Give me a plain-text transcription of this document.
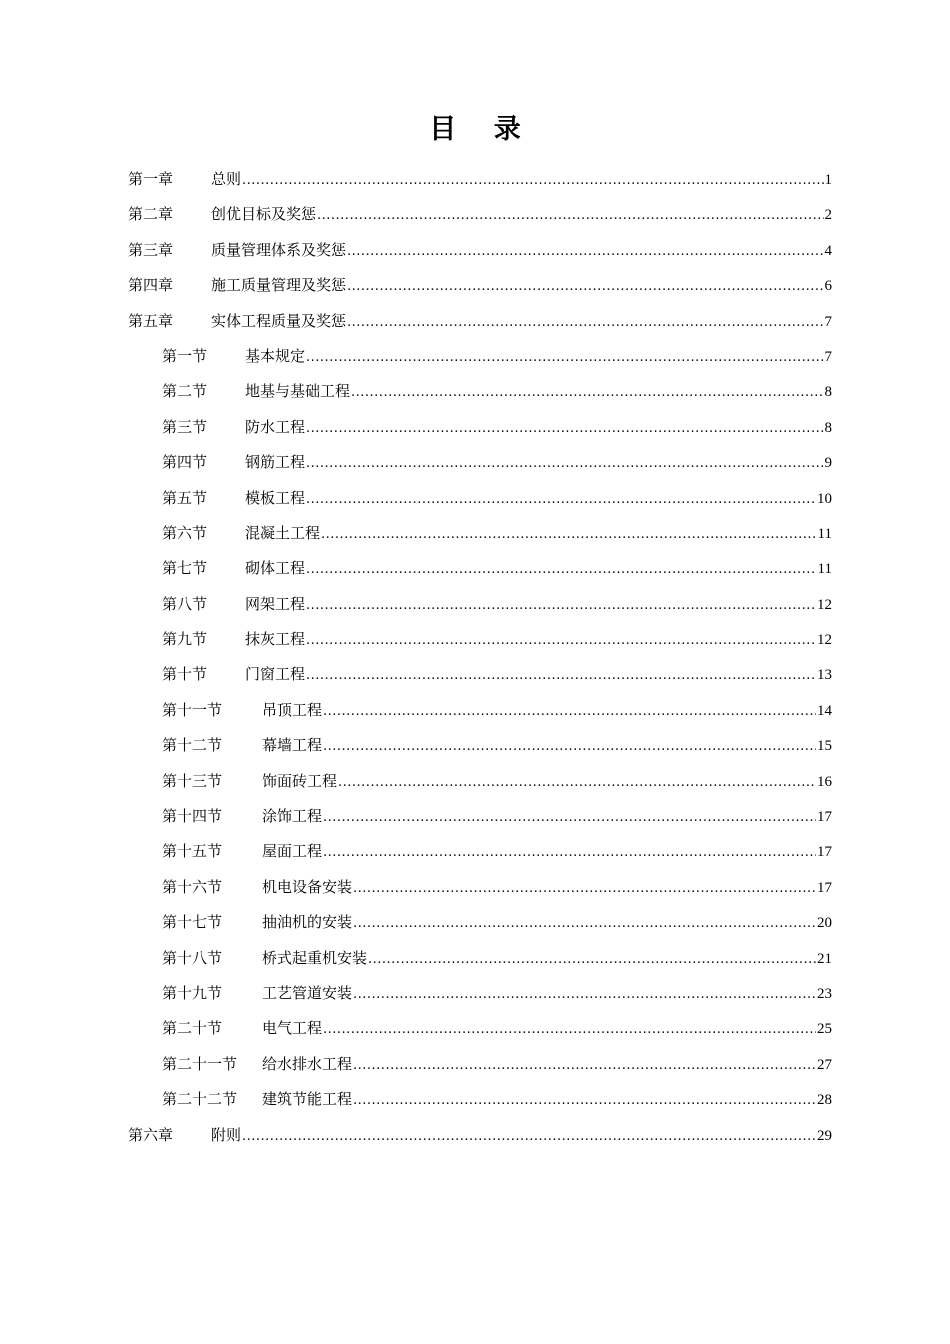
目 录
第一章	总则 .....	1
第二章	创优目标及奖惩 .....	2
第三章	质量管理体系及奖惩 .....	4
第四章	施工质量管理及奖惩 .....	6
第五章	实体工程质量及奖惩 .....	7
第一节	基本规定 .....	7
第二节	地基与基础工程 .....	8
第三节	防水工程 .....	8
第四节	钢筋工程 .....	9
第五节	模板工程 .....	10
第六节	混凝土工程 .....	11
第七节	砌体工程 .....	11
第八节	网架工程 .....	12
第九节	抹灰工程 .....	12
第十节	门窗工程 .....	13
第十一节	吊顶工程 .....	14
第十二节	幕墙工程 .....	15
第十三节	饰面砖工程 .....	16
第十四节	涂饰工程 .....	17
第十五节	屋面工程 .....	17
第十六节	机电设备安装 .....	17
第十七节	抽油机的安装 .....	20
第十八节	桥式起重机安装 .....	21
第十九节	工艺管道安装 .....	23
第二十节	电气工程 .....	25
第二十一节	给水排水工程 .....	27
第二十二节	建筑节能工程 .....	28
第六章	附则 .....	29
